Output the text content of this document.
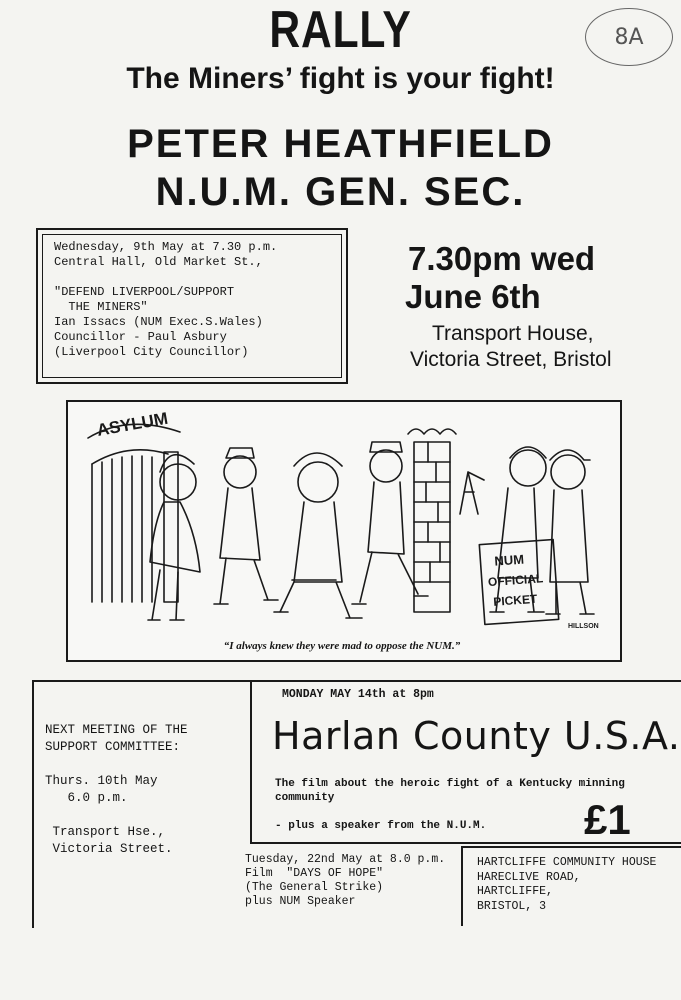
RALLY
The Miners’ fight is your fight!
PETER HEATHFIELD
N.U.M. GEN. SEC.
8A
Wednesday, 9th May at 7.30 p.m.
Central Hall, Old Market St.,

"DEFEND LIVERPOOL/SUPPORT
THE MINERS"
Ian Issacs (NUM Exec.S.Wales)
Councillor - Paul Asbury
(Liverpool City Councillor)
7.30pm wed
June 6th
Transport House,
Victoria Street, Bristol
ASYLUM
NUM
OFFICIAL
PICKET
HILLSON
“I always knew they were mad to oppose the NUM.”
NEXT MEETING OF THE
SUPPORT COMMITTEE:

Thurs. 10th May
6.0 p.m.

Transport Hse.,
Victoria Street.
MONDAY MAY 14th at 8pm
Harlan County U.S.A.
The film about the heroic fight of a Kentucky minning community
- plus a speaker from the N.U.M. £1
Tuesday, 22nd May at 8.0 p.m.
Film  "DAYS OF HOPE"
(The General Strike)
plus NUM Speaker
HARTCLIFFE COMMUNITY HOUSE
HARECLIVE ROAD,
HARTCLIFFE,
BRISTOL, 3
